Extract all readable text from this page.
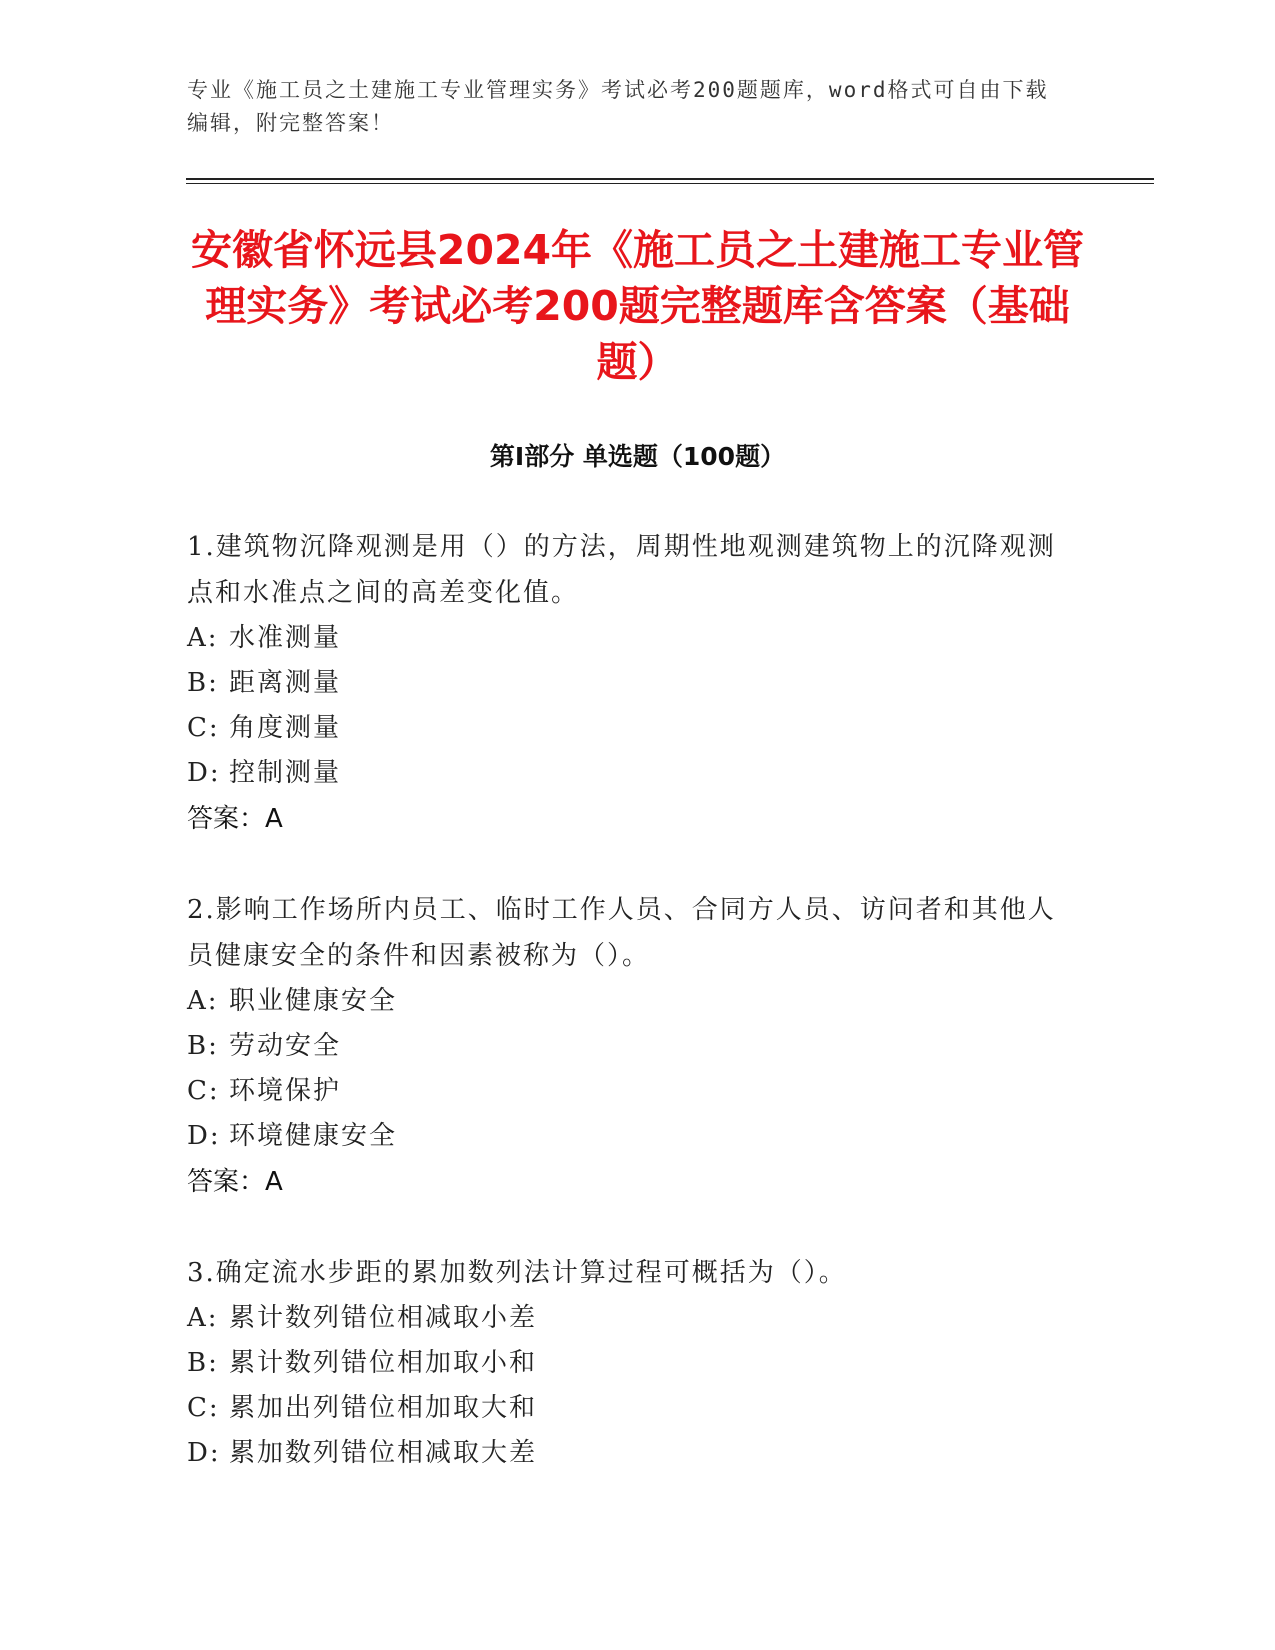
专业《施工员之土建施工专业管理实务》考试必考200题题库，word格式可自由下载编辑，附完整答案！
安徽省怀远县2024年《施工员之土建施工专业管理实务》考试必考200题完整题库含答案（基础题）
第Ⅰ部分 单选题（100题）

1.建筑物沉降观测是用（）的方法，周期性地观测建筑物上的沉降观测点和水准点之间的高差变化值。

A: 水准测量

B: 距离测量

C: 角度测量

D: 控制测量

答案：A

2.影响工作场所内员工、临时工作人员、合同方人员、访问者和其他人员健康安全的条件和因素被称为（）。

A: 职业健康安全

B: 劳动安全

C: 环境保护

D: 环境健康安全

答案：A

3.确定流水步距的累加数列法计算过程可概括为（）。

A: 累计数列错位相减取小差

B: 累计数列错位相加取小和

C: 累加出列错位相加取大和

D: 累加数列错位相减取大差
